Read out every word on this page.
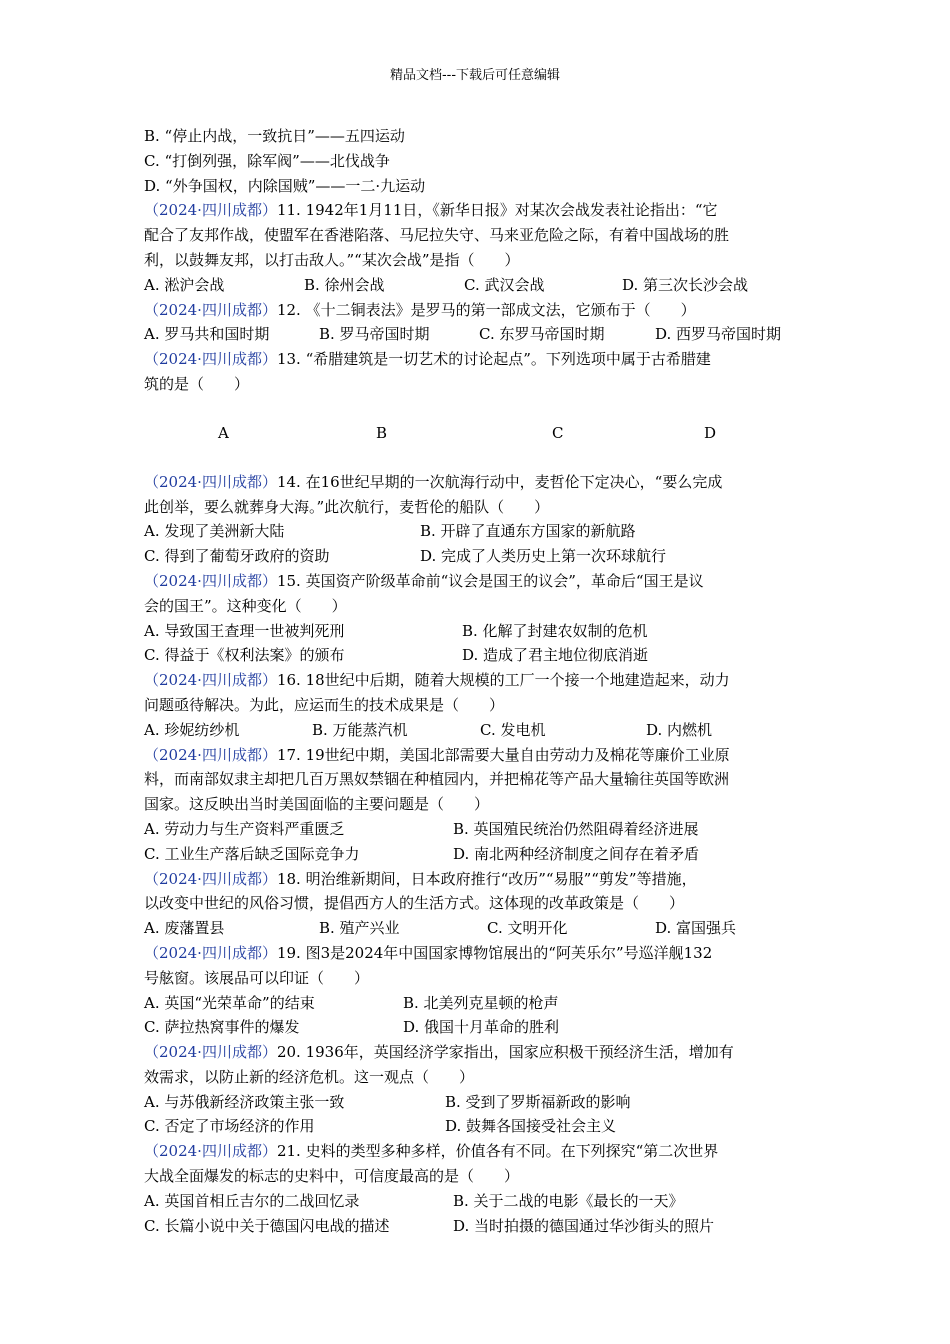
精品文档---下载后可任意编辑
B. “停止内战，一致抗日”——五四运动
C. “打倒列强，除军阀”——北伐战争
D. “外争国权，内除国贼”——一二·九运动
（2024·四川成都）11. 1942年1月11日，《新华日报》对某次会战发表社论指出：“它
配合了友邦作战，使盟军在香港陷落、马尼拉失守、马来亚危险之际，有着中国战场的胜
利，以鼓舞友邦，以打击敌人。”“某次会战”是指（　　）
A. 淞沪会战	B. 徐州会战	C. 武汉会战	D. 第三次长沙会战
（2024·四川成都）12. 《十二铜表法》是罗马的第一部成文法，它颁布于（　　）
A. 罗马共和国时期	B. 罗马帝国时期	C. 东罗马帝国时期	D. 西罗马帝国时期
（2024·四川成都）13. “希腊建筑是一切艺术的讨论起点”。下列选项中属于古希腊建
筑的是（　　）
A	B	C	D
（2024·四川成都）14. 在16世纪早期的一次航海行动中，麦哲伦下定决心，“要么完成
此创举，要么就葬身大海。”此次航行，麦哲伦的船队（　　）
A. 发现了美洲新大陆	B. 开辟了直通东方国家的新航路
C. 得到了葡萄牙政府的资助	D. 完成了人类历史上第一次环球航行
（2024·四川成都）15. 英国资产阶级革命前“议会是国王的议会”，革命后“国王是议
会的国王”。这种变化（　　）
A. 导致国王查理一世被判死刑	B. 化解了封建农奴制的危机
C. 得益于《权利法案》的颁布	D. 造成了君主地位彻底消逝
（2024·四川成都）16. 18世纪中后期，随着大规模的工厂一个接一个地建造起来，动力
问题亟待解决。为此，应运而生的技术成果是（　　）
A. 珍妮纺纱机	B. 万能蒸汽机	C. 发电机	D. 内燃机
（2024·四川成都）17. 19世纪中期，美国北部需要大量自由劳动力及棉花等廉价工业原
料，而南部奴隶主却把几百万黑奴禁锢在种植园内，并把棉花等产品大量输往英国等欧洲
国家。这反映出当时美国面临的主要问题是（　　）
A. 劳动力与生产资料严重匮乏	B. 英国殖民统治仍然阻碍着经济进展
C. 工业生产落后缺乏国际竞争力	D. 南北两种经济制度之间存在着矛盾
（2024·四川成都）18. 明治维新期间，日本政府推行“改历”“易服”“剪发”等措施，
以改变中世纪的风俗习惯，提倡西方人的生活方式。这体现的改革政策是（　　）
A. 废藩置县	B. 殖产兴业	C. 文明开化	D. 富国强兵
（2024·四川成都）19. 图3是2024年中国国家博物馆展出的“阿芙乐尔”号巡洋舰132
号舷窗。该展品可以印证（　　）
A. 英国“光荣革命”的结束	B. 北美列克星顿的枪声
C. 萨拉热窝事件的爆发	D. 俄国十月革命的胜利
（2024·四川成都）20. 1936年，英国经济学家指出，国家应积极干预经济生活，增加有
效需求，以防止新的经济危机。这一观点（　　）
A. 与苏俄新经济政策主张一致	B. 受到了罗斯福新政的影响
C. 否定了市场经济的作用	D. 鼓舞各国接受社会主义
（2024·四川成都）21. 史料的类型多种多样，价值各有不同。在下列探究“第二次世界
大战全面爆发的标志的史料中，可信度最高的是（　　）
A. 英国首相丘吉尔的二战回忆录	B. 关于二战的电影《最长的一天》
C. 长篇小说中关于德国闪电战的描述	D. 当时拍摄的德国通过华沙街头的照片
